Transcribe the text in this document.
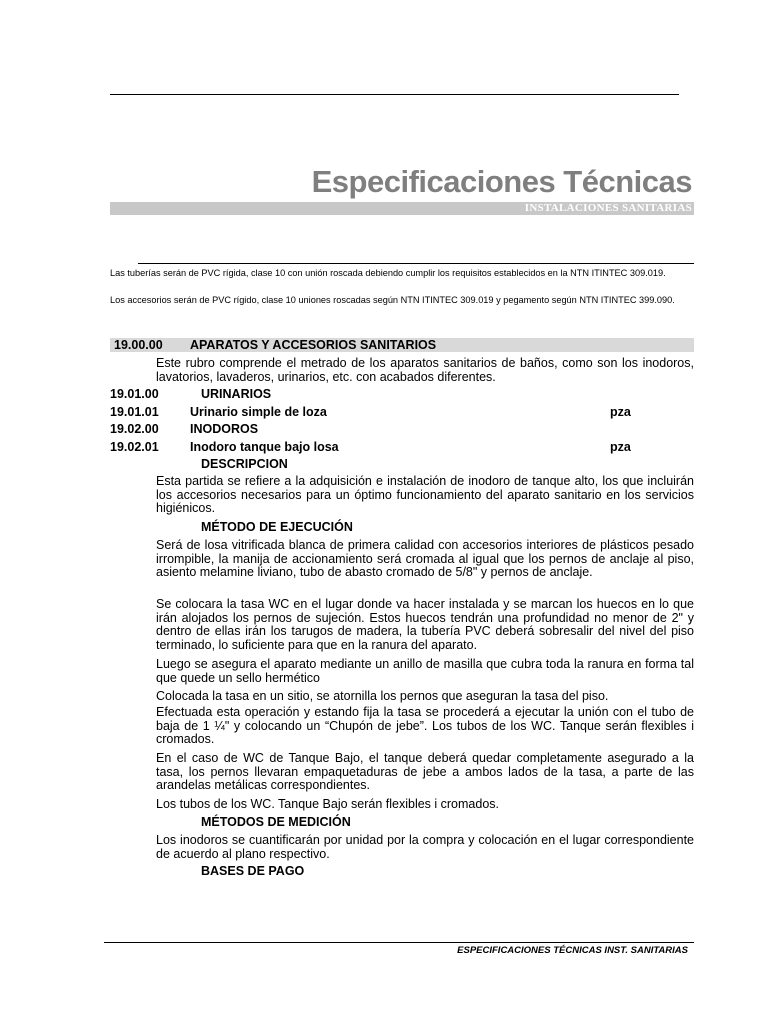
Especificaciones Técnicas
INSTALACIONES SANITARIAS
Las tuberías serán de PVC rígida, clase 10 con unión roscada debiendo cumplir los requisitos establecidos en la NTN ITINTEC 309.019.
Los accesorios serán de PVC rígido, clase 10 uniones roscadas según NTN ITINTEC 309.019 y pegamento según NTN ITINTEC 399.090.
19.00.00 APARATOS Y ACCESORIOS SANITARIOS
Este rubro comprende el metrado de los aparatos sanitarios de baños, como son los inodoros, lavatorios, lavaderos, urinarios, etc. con acabados diferentes.
19.01.00	URINARIOS
19.01.01	Urinario simple de loza	pza
19.02.00	INODOROS
19.02.01	Inodoro tanque bajo losa	pza
DESCRIPCION
Esta partida se refiere a la adquisición e instalación de inodoro de tanque alto, los que incluirán los accesorios necesarios para un óptimo funcionamiento del aparato sanitario en los servicios higiénicos.
MÉTODO DE EJECUCIÓN
Será de losa vitrificada blanca de primera calidad con accesorios interiores de plásticos pesado irrompible, la manija de accionamiento será cromada al igual que los pernos de anclaje al piso, asiento melamine liviano, tubo de abasto cromado de 5/8" y pernos de anclaje.
Se colocara la tasa WC en el lugar donde va hacer instalada y se marcan los huecos en lo que irán alojados los pernos de sujeción. Estos huecos tendrán una profundidad no menor de 2" y dentro de ellas irán los tarugos de madera, la tubería PVC deberá sobresalir del nivel del piso terminado, lo suficiente para que en la ranura del aparato.
Luego se asegura el aparato mediante un anillo de masilla que cubra toda la ranura en forma tal que quede un sello hermético
Colocada la tasa en un sitio, se atornilla los pernos que aseguran la tasa del piso.
Efectuada esta operación y estando fija la tasa se procederá a ejecutar la unión con el tubo de baja de 1 ¼" y colocando un “Chupón de jebe”. Los tubos de los WC. Tanque serán flexibles i cromados.
En el caso de WC de Tanque Bajo, el tanque deberá quedar completamente asegurado a la tasa, los pernos llevaran empaquetaduras de jebe a ambos lados de la tasa, a parte de las arandelas metálicas correspondientes.
Los tubos de los WC. Tanque Bajo serán flexibles i cromados.
MÉTODOS DE MEDICIÓN
Los inodoros se cuantificarán por unidad por la compra y colocación en el lugar correspondiente de acuerdo al plano respectivo.
BASES DE PAGO
ESPECIFICACIONES TÉCNICAS INST. SANITARIAS
